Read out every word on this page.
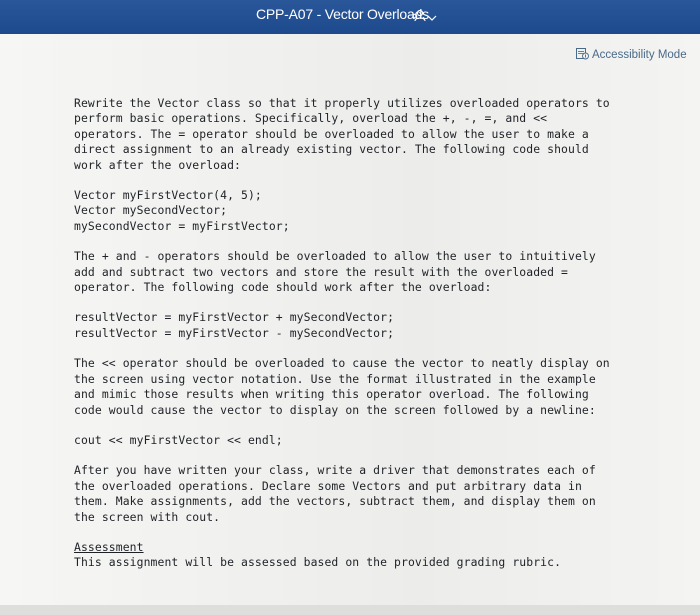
CPP-A07 - Vector Overloads
Accessibility Mode

Rewrite the Vector class so that it properly utilizes overloaded operators to
perform basic operations. Specifically, overload the +, -, =, and <<
operators. The = operator should be overloaded to allow the user to make a
direct assignment to an already existing vector. The following code should
work after the overload:

Vector myFirstVector(4, 5);
Vector mySecondVector;
mySecondVector = myFirstVector;

The + and - operators should be overloaded to allow the user to intuitively
add and subtract two vectors and store the result with the overloaded =
operator. The following code should work after the overload:

resultVector = myFirstVector + mySecondVector;
resultVector = myFirstVector - mySecondVector;

The << operator should be overloaded to cause the vector to neatly display on
the screen using vector notation. Use the format illustrated in the example
and mimic those results when writing this operator overload. The following
code would cause the vector to display on the screen followed by a newline:

cout << myFirstVector << endl;

After you have written your class, write a driver that demonstrates each of
the overloaded operations. Declare some Vectors and put arbitrary data in
them. Make assignments, add the vectors, subtract them, and display them on
the screen with cout.

Assessment
This assignment will be assessed based on the provided grading rubric.
